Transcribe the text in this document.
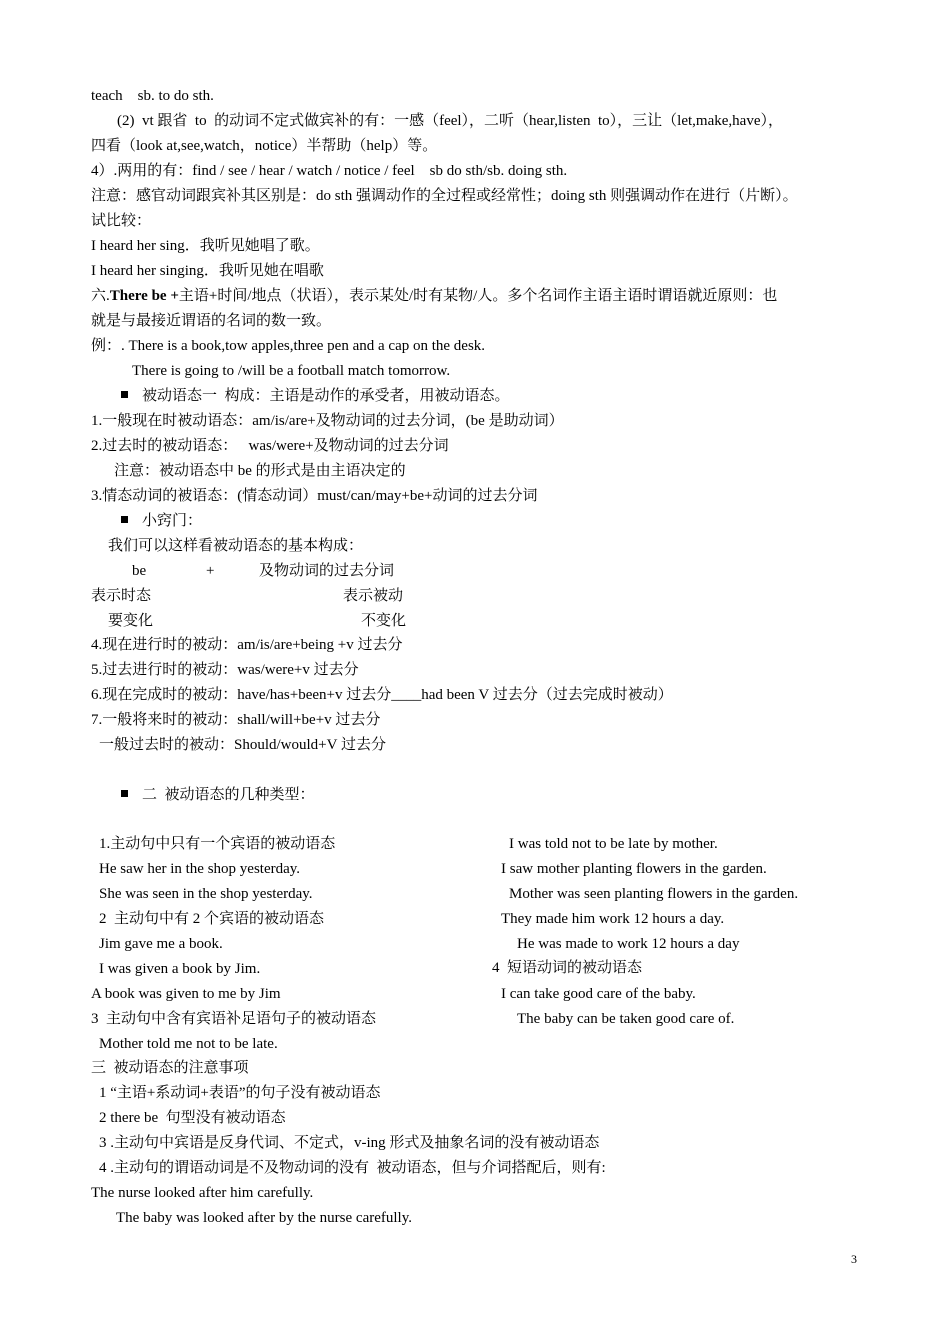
teach    sb. to do sth.
(2)  vt 跟省  to  的动词不定式做宾补的有：一感（feel），二听（hear,listen  to），三让（let,make,have），
四看（look at,see,watch，notice）半帮助（help）等。
4）.两用的有：find / see / hear / watch / notice / feel    sb do sth/sb. doing sth.
注意：感官动词跟宾补其区别是：do sth 强调动作的全过程或经常性；doing sth 则强调动作在进行（片断）。
试比较：
I heard her sing．我听见她唱了歌。
I heard her singing．我听见她在唱歌
六.There be +主语+时间/地点（状语），表示某处/时有某物/人。多个名词作主语主语时谓语就近原则：也
就是与最接近谓语的名词的数一致。
例：. There is a book,tow apples,three pen and a cap on the desk.
There is going to /will be a football match tomorrow.
被动语态一  构成：主语是动作的承受者，用被动语态。
1.一般现在时被动语态：am/is/are+及物动词的过去分词，(be 是助动词）
2.过去时的被动语态：   was/were+及物动词的过去分词
注意：被动语态中 be 的形式是由主语决定的
3.情态动词的被语态：(情态动词）must/can/may+be+动词的过去分词
小窍门：
我们可以这样看被动语态的基本构成：
be	+	及物动词的过去分词
表示时态	表示被动
要变化	不变化
4.现在进行时的被动：am/is/are+being +v 过去分
5.过去进行时的被动：was/were+v 过去分
6.现在完成时的被动：have/has+been+v 过去分____had been V 过去分（过去完成时被动）
7.一般将来时的被动：shall/will+be+v 过去分
一般过去时的被动：Should/would+V 过去分
二  被动语态的几种类型：
1.主动句中只有一个宾语的被动语态
He saw her in the shop yesterday.
She was seen in the shop yesterday.
2  主动句中有 2 个宾语的被动语态
Jim gave me a book.
I was given a book by Jim.
A book was given to me by Jim
3  主动句中含有宾语补足语句子的被动语态
Mother told me not to be late.
三  被动语态的注意事项
1 “主语+系动词+表语”的句子没有被动语态
2 there be  句型没有被动语态
3 .主动句中宾语是反身代词、不定式，v-ing 形式及抽象名词的没有被动语态
4 .主动句的谓语动词是不及物动词的没有  被动语态，但与介词搭配后，则有:
The nurse looked after him carefully.
The baby was looked after by the nurse carefully.
I was told not to be late by mother.
I saw mother planting flowers in the garden.
Mother was seen planting flowers in the garden.
They made him work 12 hours a day.
He was made to work 12 hours a day
4  短语动词的被动语态
I can take good care of the baby.
The baby can be taken good care of.
3
